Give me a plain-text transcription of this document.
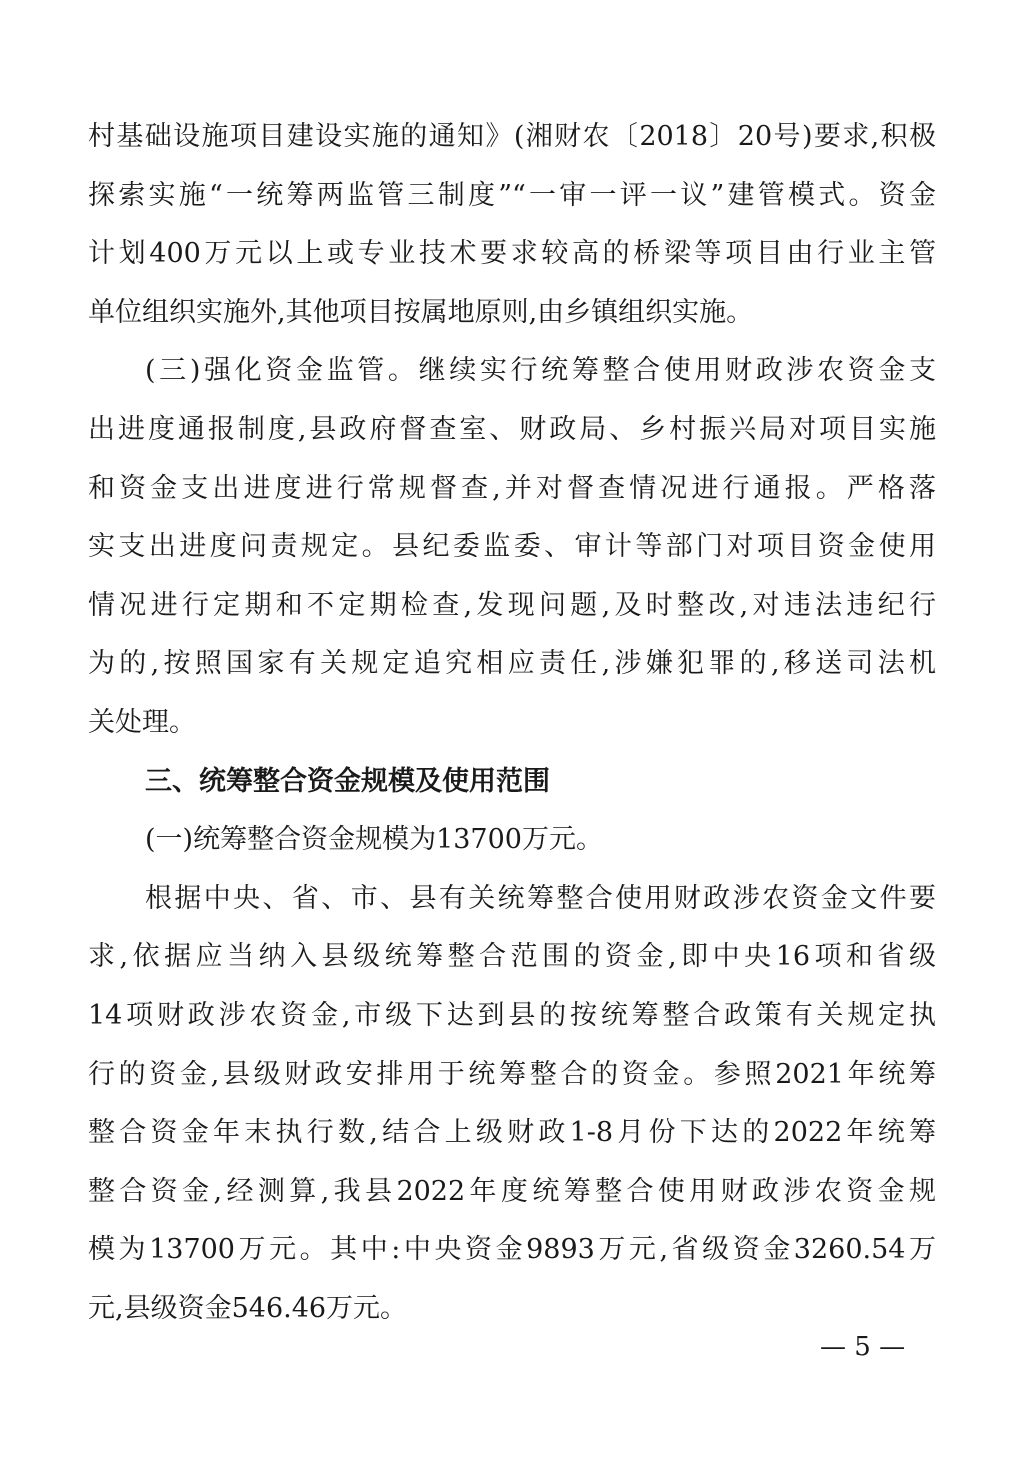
村基础设施项目建设实施的通知》(湘财农〔2018〕20号)要求,积极
探索实施“一统筹两监管三制度”“一审一评一议”建管模式。资金
计划400万元以上或专业技术要求较高的桥梁等项目由行业主管
单位组织实施外,其他项目按属地原则,由乡镇组织实施。
(三)强化资金监管。继续实行统筹整合使用财政涉农资金支
出进度通报制度,县政府督查室、财政局、乡村振兴局对项目实施
和资金支出进度进行常规督查,并对督查情况进行通报。严格落
实支出进度问责规定。县纪委监委、审计等部门对项目资金使用
情况进行定期和不定期检查,发现问题,及时整改,对违法违纪行
为的,按照国家有关规定追究相应责任,涉嫌犯罪的,移送司法机
关处理。
三、统筹整合资金规模及使用范围
(一)统筹整合资金规模为13700万元。
根据中央、省、市、县有关统筹整合使用财政涉农资金文件要
求,依据应当纳入县级统筹整合范围的资金,即中央16项和省级
14项财政涉农资金,市级下达到县的按统筹整合政策有关规定执
行的资金,县级财政安排用于统筹整合的资金。参照2021年统筹
整合资金年末执行数,结合上级财政1-8月份下达的2022年统筹
整合资金,经测算,我县2022年度统筹整合使用财政涉农资金规
模为13700万元。其中:中央资金9893万元,省级资金3260.54万
元,县级资金546.46万元。
— 5 —
